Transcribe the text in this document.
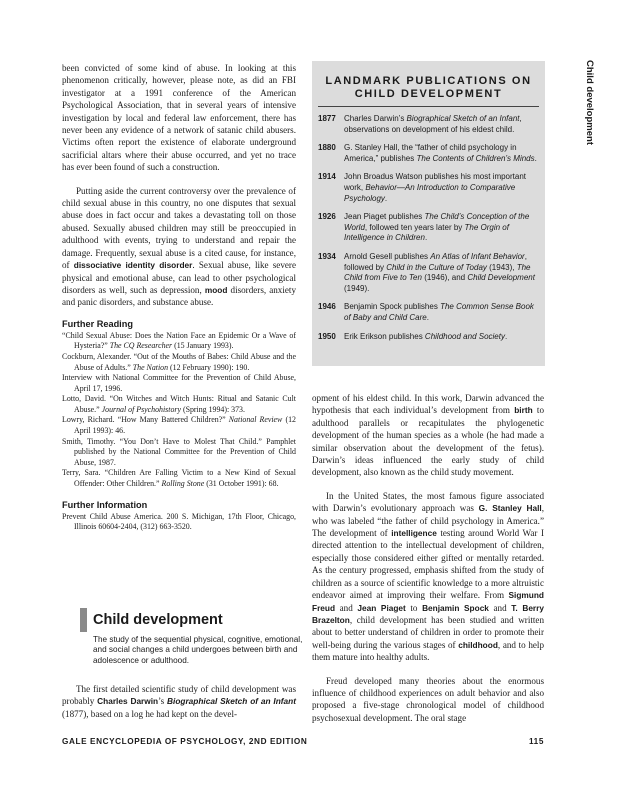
been convicted of some kind of abuse. In looking at this phenomenon critically, however, please note, as did an FBI investigator at a 1991 conference of the American Psychological Association, that in several years of intensive investigation by local and federal law enforcement, there has never been any evidence of a network of satanic child abusers. Victims often report the existence of elaborate underground sacrificial altars where their abuse occurred, and yet no trace has ever been found of such a construction.

Putting aside the current controversy over the prevalence of child sexual abuse in this country, no one disputes that sexual abuse does in fact occur and takes a devastating toll on those abused. Sexually abused children may still be preoccupied in adulthood with events, trying to understand and repair the damage. Frequently, sexual abuse is a cited cause, for instance, of dissociative identity disorder. Sexual abuse, like severe physical and emotional abuse, can lead to other psychological disorders as well, such as depression, mood disorders, anxiety and panic disorders, and substance abuse.

Further Reading

“Child Sexual Abuse: Does the Nation Face an Epidemic Or a Wave of Hysteria?” The CQ Researcher (15 January 1993).

Cockburn, Alexander. “Out of the Mouths of Babes: Child Abuse and the Abuse of Adults.” The Nation (12 February 1990): 190.

Interview with National Committee for the Prevention of Child Abuse, April 17, 1996.

Lotto, David. “On Witches and Witch Hunts: Ritual and Satanic Cult Abuse.” Journal of Psychohistory (Spring 1994): 373.

Lowry, Richard. “How Many Battered Children?” National Review (12 April 1993): 46.

Smith, Timothy. “You Don’t Have to Molest That Child.” Pamphlet published by the National Committee for the Prevention of Child Abuse, 1987.

Terry, Sara. “Children Are Falling Victim to a New Kind of Sexual Offender: Other Children.” Rolling Stone (31 October 1991): 68.

Further Information

Prevent Child Abuse America. 200 S. Michigan, 17th Floor, Chicago, Illinois 60604-2404, (312) 663-3520.

Child development
The study of the sequential physical, cognitive, emotional, and social changes a child undergoes between birth and adolescence or adulthood.

The first detailed scientific study of child development was probably Charles Darwin’s Biographical Sketch of an Infant (1877), based on a log he had kept on the devel-

LANDMARK PUBLICATIONS ON CHILD DEVELOPMENT
1877	Charles Darwin’s Biographical Sketch of an Infant, observations on development of his eldest child.
1880	G. Stanley Hall, the “father of child psychology in America,” publishes The Contents of Children’s Minds.
1914	John Broadus Watson publishes his most important work, Behavior—An Introduction to Comparative Psychology.
1926	Jean Piaget publishes The Child’s Conception of the World, followed ten years later by The Orgin of Intelligence in Children.
1934	Arnold Gesell publishes An Atlas of Infant Behavior, followed by Child in the Culture of Today (1943), The Child from Five to Ten (1946), and Child Development (1949).
1946	Benjamin Spock publishes The Common Sense Book of Baby and Child Care.
1950	Erik Erikson publishes Childhood and Society.

opment of his eldest child. In this work, Darwin advanced the hypothesis that each individual’s development from birth to adulthood parallels or recapitulates the phylogenetic development of the human species as a whole (he had made a similar observation about the development of the fetus). Darwin’s ideas influenced the early study of child development, also known as the child study movement.

In the United States, the most famous figure associated with Darwin’s evolutionary approach was G. Stanley Hall, who was labeled “the father of child psychology in America.” The development of intelligence testing around World War I directed attention to the intellectual development of children, especially those considered either gifted or mentally retarded. As the century progressed, emphasis shifted from the study of children as a source of scientific knowledge to a more altruistic endeavor aimed at improving their welfare. From Sigmund Freud and Jean Piaget to Benjamin Spock and T. Berry Brazelton, child development has been studied and written about to better understand of children in order to promote their well-being during the various stages of childhood, and to help them mature into healthy adults.

Freud developed many theories about the enormous influence of childhood experiences on adult behavior and also proposed a five-stage chronological model of childhood psychosexual development. The oral stage

Child development
GALE ENCYCLOPEDIA OF PSYCHOLOGY, 2ND EDITION	115
